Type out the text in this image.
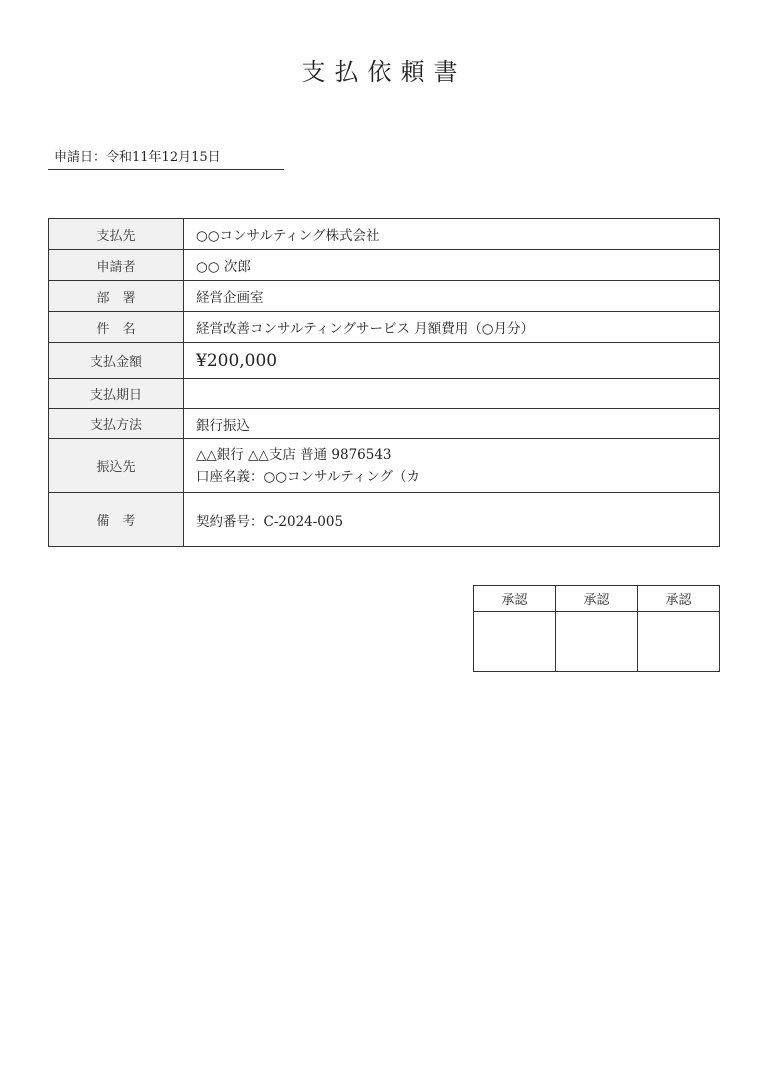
支払依頼書
申請日：令和11年12月15日
支払先	○○コンサルティング株式会社
申請者	○○ 次郎
部　署	経営企画室
件　名	経営改善コンサルティングサービス 月額費用（○月分）
支払金額	¥200,000
支払期日	
支払方法	銀行振込
振込先	△△銀行 △△支店 普通 9876543
口座名義：○○コンサルティング（カ

備　考	契約番号：C-2024-005
承認	承認	承認
